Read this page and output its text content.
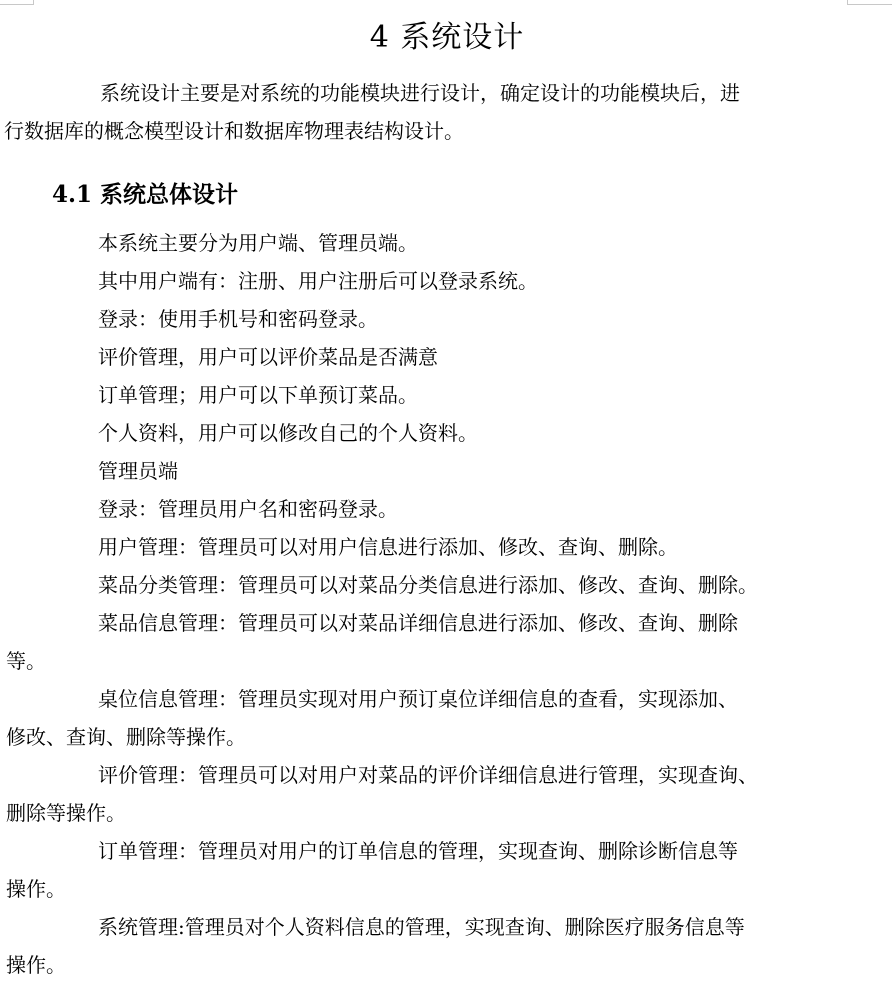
4 系统设计

系统设计主要是对系统的功能模块进行设计，确定设计的功能模块后，进
行数据库的概念模型设计和数据库物理表结构设计。

4.1 系统总体设计

本系统主要分为用户端、管理员端。

其中用户端有：注册、用户注册后可以登录系统。

登录：使用手机号和密码登录。

评价管理，用户可以评价菜品是否满意

订单管理；用户可以下单预订菜品。

个人资料，用户可以修改自己的个人资料。

管理员端

登录：管理员用户名和密码登录。

用户管理：管理员可以对用户信息进行添加、修改、查询、删除。

菜品分类管理：管理员可以对菜品分类信息进行添加、修改、查询、删除。

菜品信息管理：管理员可以对菜品详细信息进行添加、修改、查询、删除
等。

桌位信息管理：管理员实现对用户预订桌位详细信息的查看，实现添加、
修改、查询、删除等操作。

评价管理：管理员可以对用户对菜品的评价详细信息进行管理，实现查询、
删除等操作。

订单管理：管理员对用户的订单信息的管理，实现查询、删除诊断信息等
操作。

系统管理:管理员对个人资料信息的管理，实现查询、删除医疗服务信息等
操作。
